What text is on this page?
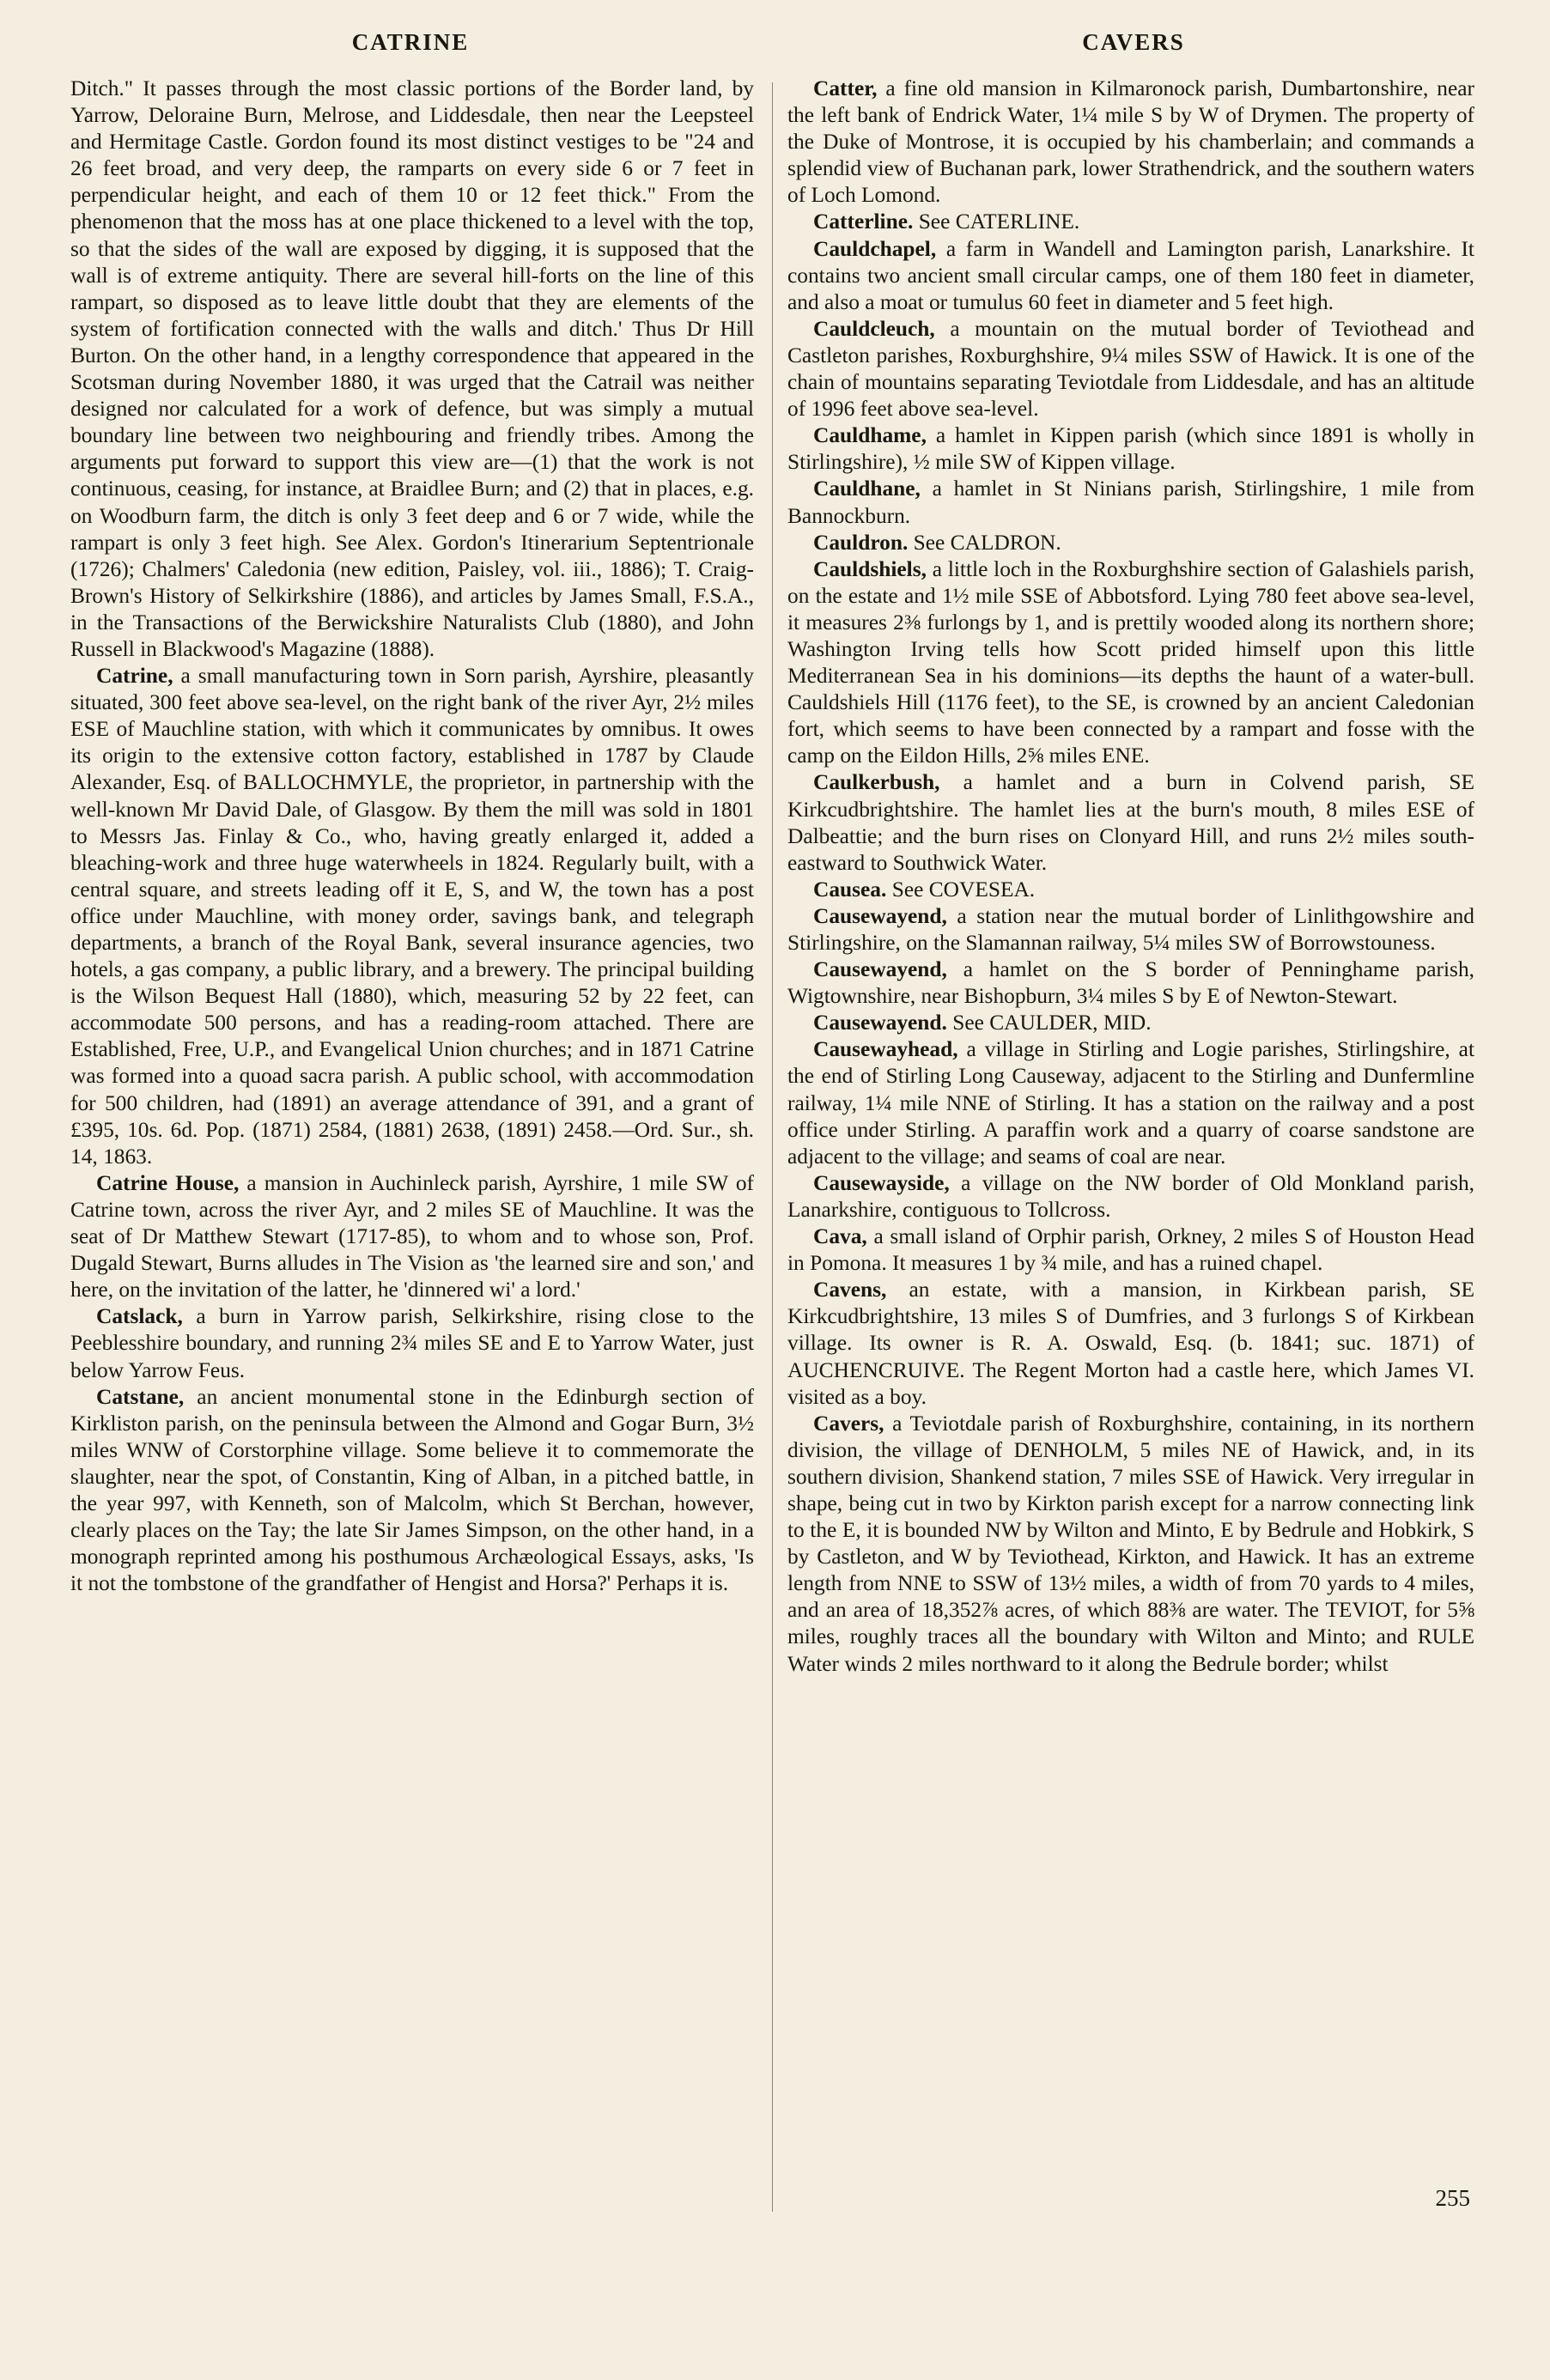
CATRINE	CAVERS

Ditch." It passes through the most classic portions of the Border land, by Yarrow, Deloraine Burn, Melrose, and Liddesdale, then near the Leepsteel and Hermitage Castle. Gordon found its most distinct vestiges to be "24 and 26 feet broad, and very deep, the ramparts on every side 6 or 7 feet in perpendicular height, and each of them 10 or 12 feet thick." From the phenomenon that the moss has at one place thickened to a level with the top, so that the sides of the wall are exposed by digging, it is supposed that the wall is of extreme antiquity. There are several hill-forts on the line of this rampart, so disposed as to leave little doubt that they are elements of the system of fortification connected with the walls and ditch.' Thus Dr Hill Burton. On the other hand, in a lengthy correspondence that appeared in the Scotsman during November 1880, it was urged that the Catrail was neither designed nor calculated for a work of defence, but was simply a mutual boundary line between two neighbouring and friendly tribes. Among the arguments put forward to support this view are—(1) that the work is not continuous, ceasing, for instance, at Braidlee Burn; and (2) that in places, e.g. on Woodburn farm, the ditch is only 3 feet deep and 6 or 7 wide, while the rampart is only 3 feet high. See Alex. Gordon's Itinerarium Septentrionale (1726); Chalmers' Caledonia (new edition, Paisley, vol. iii., 1886); T. Craig-Brown's History of Selkirkshire (1886), and articles by James Small, F.S.A., in the Transactions of the Berwickshire Naturalists Club (1880), and John Russell in Blackwood's Magazine (1888).

Catrine, a small manufacturing town in Sorn parish, Ayrshire, pleasantly situated, 300 feet above sea-level, on the right bank of the river Ayr, 2½ miles ESE of Mauchline station, with which it communicates by omnibus. It owes its origin to the extensive cotton factory, established in 1787 by Claude Alexander, Esq. of BALLOCHMYLE, the proprietor, in partnership with the well-known Mr David Dale, of Glasgow. By them the mill was sold in 1801 to Messrs Jas. Finlay & Co., who, having greatly enlarged it, added a bleaching-work and three huge waterwheels in 1824. Regularly built, with a central square, and streets leading off it E, S, and W, the town has a post office under Mauchline, with money order, savings bank, and telegraph departments, a branch of the Royal Bank, several insurance agencies, two hotels, a gas company, a public library, and a brewery. The principal building is the Wilson Bequest Hall (1880), which, measuring 52 by 22 feet, can accommodate 500 persons, and has a reading-room attached. There are Established, Free, U.P., and Evangelical Union churches; and in 1871 Catrine was formed into a quoad sacra parish. A public school, with accommodation for 500 children, had (1891) an average attendance of 391, and a grant of £395, 10s. 6d. Pop. (1871) 2584, (1881) 2638, (1891) 2458.—Ord. Sur., sh. 14, 1863.

Catrine House, a mansion in Auchinleck parish, Ayrshire, 1 mile SW of Catrine town, across the river Ayr, and 2 miles SE of Mauchline. It was the seat of Dr Matthew Stewart (1717-85), to whom and to whose son, Prof. Dugald Stewart, Burns alludes in The Vision as 'the learned sire and son,' and here, on the invitation of the latter, he 'dinnered wi' a lord.'

Catslack, a burn in Yarrow parish, Selkirkshire, rising close to the Peeblesshire boundary, and running 2¾ miles SE and E to Yarrow Water, just below Yarrow Feus.

Catstane, an ancient monumental stone in the Edinburgh section of Kirkliston parish, on the peninsula between the Almond and Gogar Burn, 3½ miles WNW of Corstorphine village. Some believe it to commemorate the slaughter, near the spot, of Constantin, King of Alban, in a pitched battle, in the year 997, with Kenneth, son of Malcolm, which St Berchan, however, clearly places on the Tay; the late Sir James Simpson, on the other hand, in a monograph reprinted among his posthumous Archæological Essays, asks, 'Is it not the tombstone of the grandfather of Hengist and Horsa?' Perhaps it is.

Catter, a fine old mansion in Kilmaronock parish, Dumbartonshire, near the left bank of Endrick Water, 1¼ mile S by W of Drymen. The property of the Duke of Montrose, it is occupied by his chamberlain; and commands a splendid view of Buchanan park, lower Strathendrick, and the southern waters of Loch Lomond.

Catterline. See CATERLINE.

Cauldchapel, a farm in Wandell and Lamington parish, Lanarkshire. It contains two ancient small circular camps, one of them 180 feet in diameter, and also a moat or tumulus 60 feet in diameter and 5 feet high.

Cauldcleuch, a mountain on the mutual border of Teviothead and Castleton parishes, Roxburghshire, 9¼ miles SSW of Hawick. It is one of the chain of mountains separating Teviotdale from Liddesdale, and has an altitude of 1996 feet above sea-level.

Cauldhame, a hamlet in Kippen parish (which since 1891 is wholly in Stirlingshire), ½ mile SW of Kippen village.

Cauldhane, a hamlet in St Ninians parish, Stirlingshire, 1 mile from Bannockburn.

Cauldron. See CALDRON.

Cauldshiels, a little loch in the Roxburghshire section of Galashiels parish, on the estate and 1½ mile SSE of Abbotsford. Lying 780 feet above sea-level, it measures 2⅜ furlongs by 1, and is prettily wooded along its northern shore; Washington Irving tells how Scott prided himself upon this little Mediterranean Sea in his dominions—its depths the haunt of a water-bull. Cauldshiels Hill (1176 feet), to the SE, is crowned by an ancient Caledonian fort, which seems to have been connected by a rampart and fosse with the camp on the Eildon Hills, 2⅝ miles ENE.

Caulkerbush, a hamlet and a burn in Colvend parish, SE Kirkcudbrightshire. The hamlet lies at the burn's mouth, 8 miles ESE of Dalbeattie; and the burn rises on Clonyard Hill, and runs 2½ miles south-eastward to Southwick Water.

Causea. See COVESEA.

Causewayend, a station near the mutual border of Linlithgowshire and Stirlingshire, on the Slamannan railway, 5¼ miles SW of Borrowstouness.

Causewayend, a hamlet on the S border of Penninghame parish, Wigtownshire, near Bishopburn, 3¼ miles S by E of Newton-Stewart.

Causewayend. See CAULDER, MID.

Causewayhead, a village in Stirling and Logie parishes, Stirlingshire, at the end of Stirling Long Causeway, adjacent to the Stirling and Dunfermline railway, 1¼ mile NNE of Stirling. It has a station on the railway and a post office under Stirling. A paraffin work and a quarry of coarse sandstone are adjacent to the village; and seams of coal are near.

Causewayside, a village on the NW border of Old Monkland parish, Lanarkshire, contiguous to Tollcross.

Cava, a small island of Orphir parish, Orkney, 2 miles S of Houston Head in Pomona. It measures 1 by ¾ mile, and has a ruined chapel.

Cavens, an estate, with a mansion, in Kirkbean parish, SE Kirkcudbrightshire, 13 miles S of Dumfries, and 3 furlongs S of Kirkbean village. Its owner is R. A. Oswald, Esq. (b. 1841; suc. 1871) of AUCHENCRUIVE. The Regent Morton had a castle here, which James VI. visited as a boy.

Cavers, a Teviotdale parish of Roxburghshire, containing, in its northern division, the village of DENHOLM, 5 miles NE of Hawick, and, in its southern division, Shankend station, 7 miles SSE of Hawick. Very irregular in shape, being cut in two by Kirkton parish except for a narrow connecting link to the E, it is bounded NW by Wilton and Minto, E by Bedrule and Hobkirk, S by Castleton, and W by Teviothead, Kirkton, and Hawick. It has an extreme length from NNE to SSW of 13½ miles, a width of from 70 yards to 4 miles, and an area of 18,352⅞ acres, of which 88⅜ are water. The TEVIOT, for 5⅝ miles, roughly traces all the boundary with Wilton and Minto; and RULE Water winds 2 miles northward to it along the Bedrule border; whilst

255
